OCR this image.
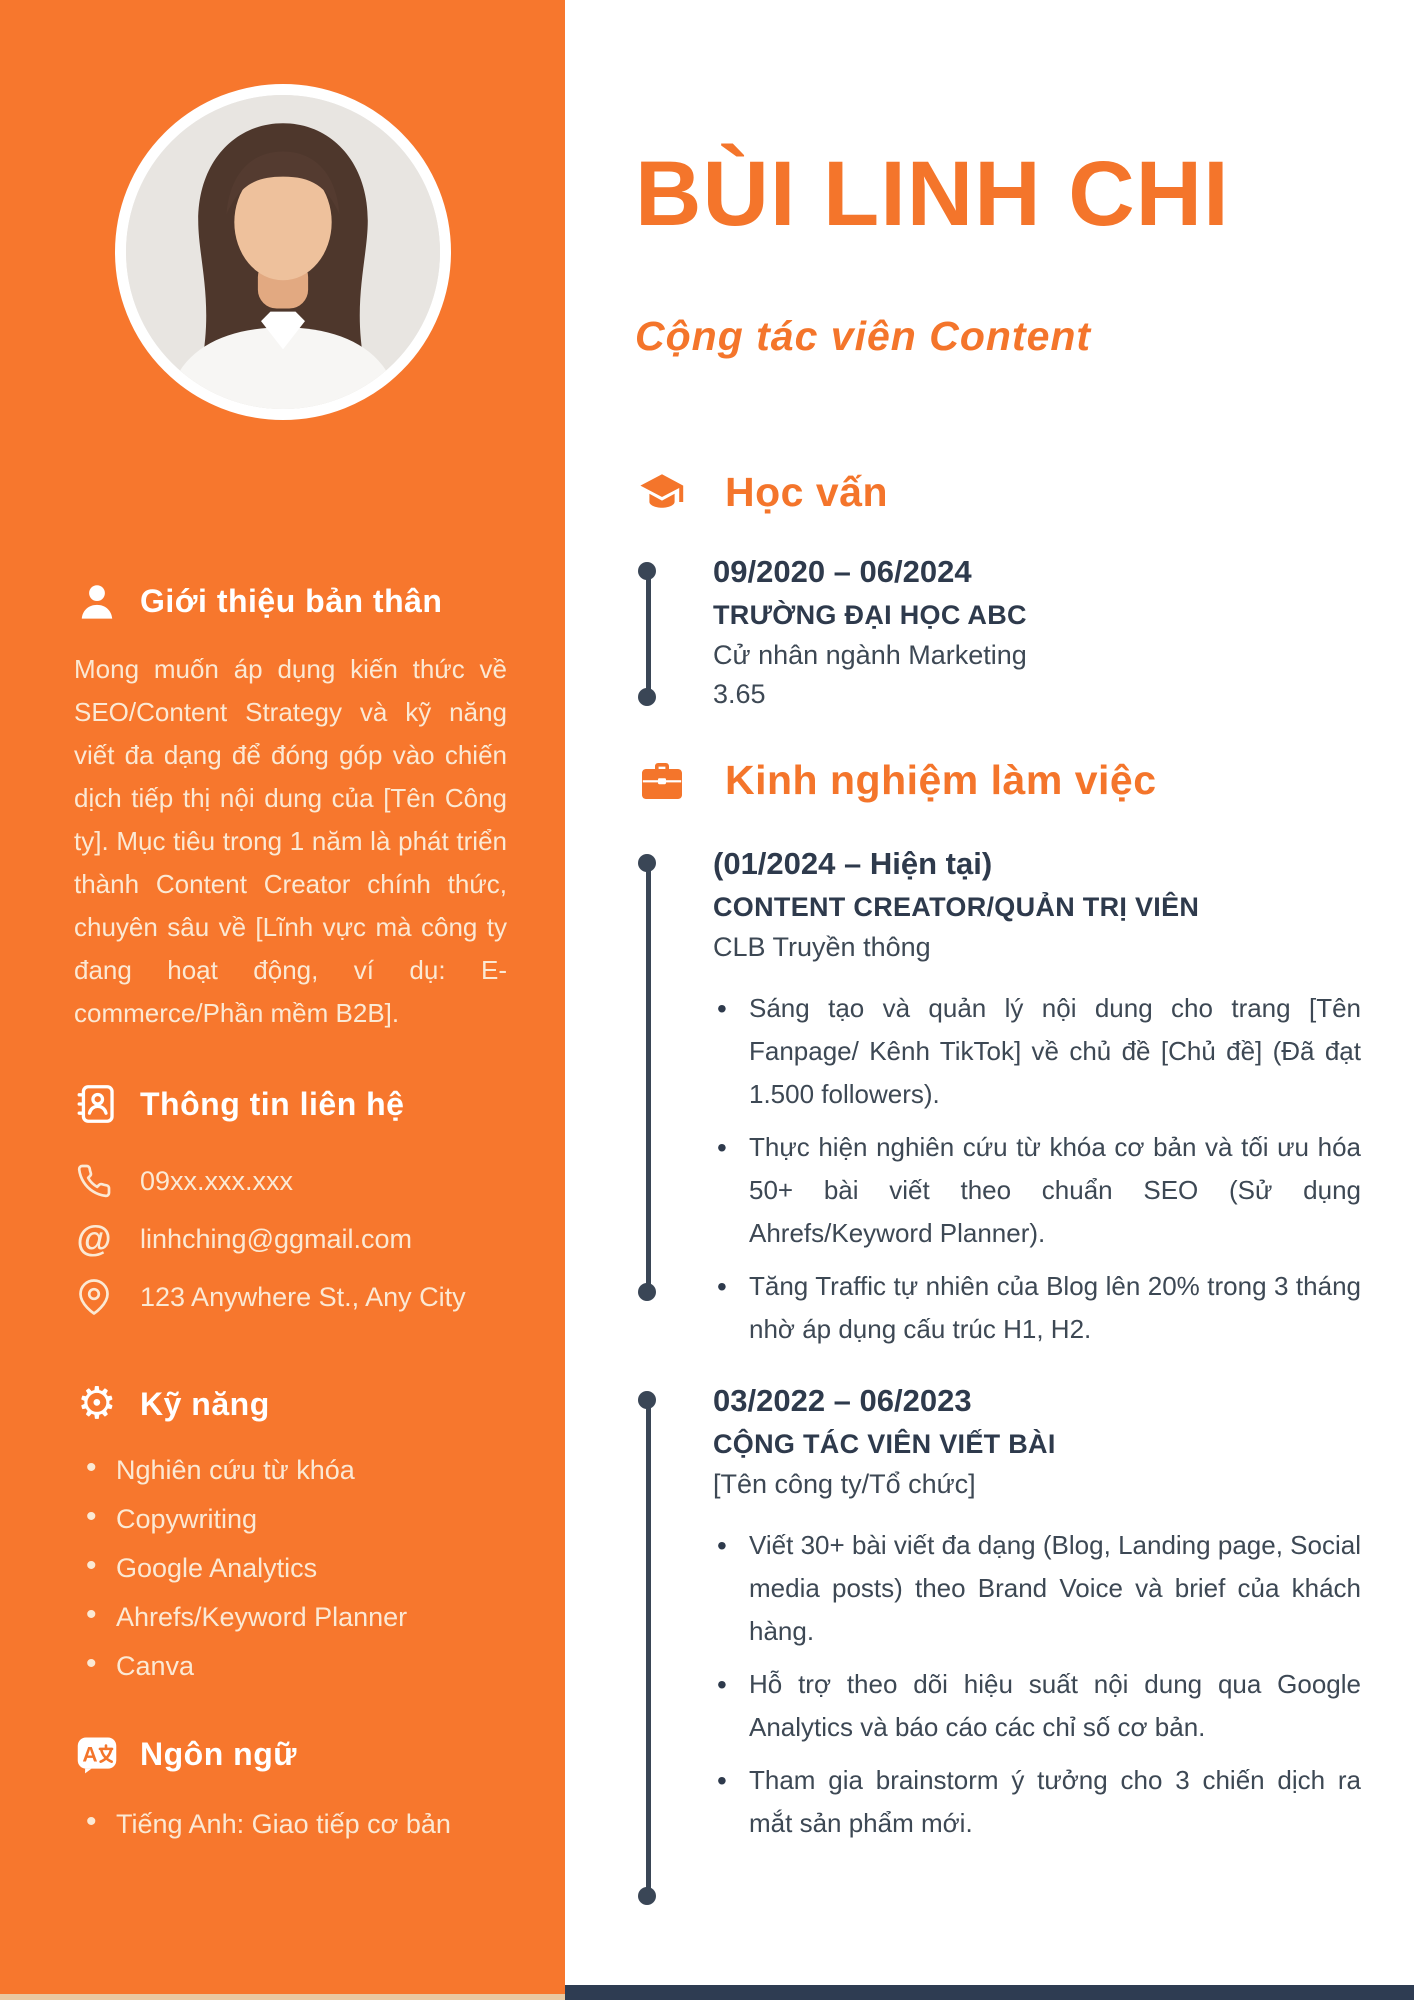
Giới thiệu bản thân

Mong muốn áp dụng kiến thức về SEO/Content Strategy và kỹ năng viết đa dạng để đóng góp vào chiến dịch tiếp thị nội dung của [Tên Công ty]. Mục tiêu trong 1 năm là phát triển thành Content Creator chính thức, chuyên sâu về [Lĩnh vực mà công ty đang hoạt động, ví dụ: E-commerce/Phần mềm B2B].

Thông tin liên hệ
09xx.xxx.xxx
@ linhching@ggmail.com
123 Anywhere St., Any City
⚙ Kỹ năng
• Nghiên cứu từ khóa
• Copywriting
• Google Analytics
• Ahrefs/Keyword Planner
• Canva
A Ngôn ngữ
• Tiếng Anh: Giao tiếp cơ bản
BÙI LINH CHI
Cộng tác viên Content
Học vấn
09/2020 – 06/2024
TRƯỜNG ĐẠI HỌC ABC
Cử nhân ngành Marketing
3.65
Kinh nghiệm làm việc
(01/2024 – Hiện tại)
CONTENT CREATOR/QUẢN TRỊ VIÊN
CLB Truyền thông
• Sáng tạo và quản lý nội dung cho trang [Tên Fanpage/ Kênh TikTok] về chủ đề [Chủ đề] (Đã đạt 1.500 followers).
• Thực hiện nghiên cứu từ khóa cơ bản và tối ưu hóa 50+ bài viết theo chuẩn SEO (Sử dụng Ahrefs/Keyword Planner).
• Tăng Traffic tự nhiên của Blog lên 20% trong 3 tháng nhờ áp dụng cấu trúc H1, H2.
03/2022 – 06/2023
CỘNG TÁC VIÊN VIẾT BÀI
[Tên công ty/Tổ chức]
• Viết 30+ bài viết đa dạng (Blog, Landing page, Social media posts) theo Brand Voice và brief của khách hàng.
• Hỗ trợ theo dõi hiệu suất nội dung qua Google Analytics và báo cáo các chỉ số cơ bản.
• Tham gia brainstorm ý tưởng cho 3 chiến dịch ra mắt sản phẩm mới.
